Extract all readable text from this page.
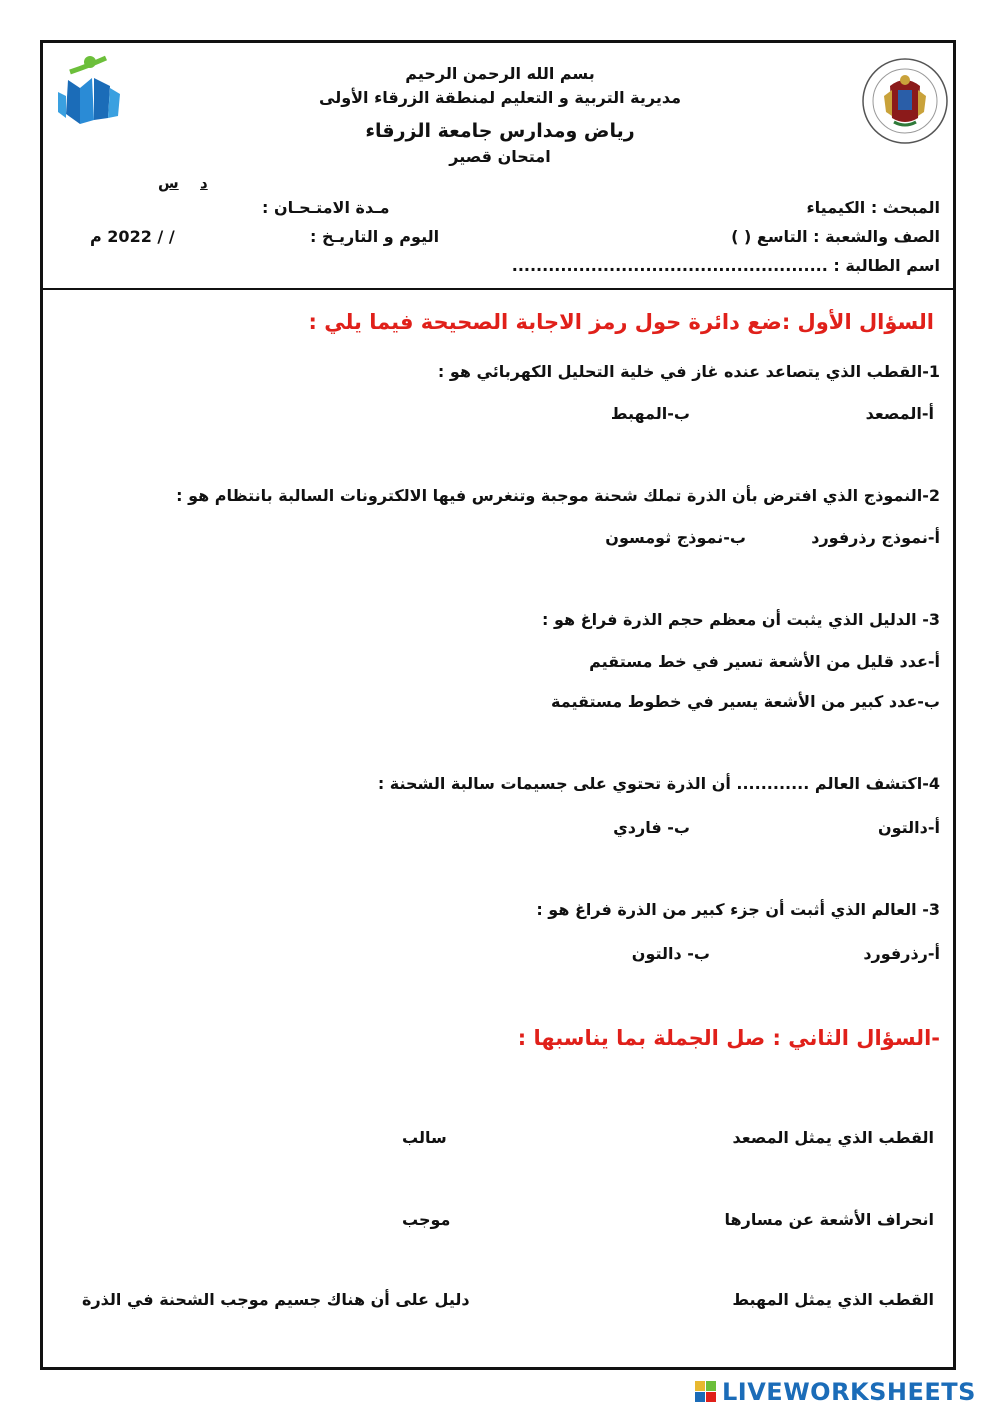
بسم الله الرحمن الرحيم
مديرية التربية و التعليم لمنطقة الزرقاء الأولى
رياض ومدارس جامعة الزرقاء
امتحان قصير
د
س
المبحث : الكيمياء
مـدة الامتـحـان :
الصف والشعبة : التاسع ( )
اليوم و التاريـخ :
/ / 2022 م
اسم الطالبة : ....................................................
السؤال الأول :ضع دائرة حول رمز الاجابة الصحيحة فيما يلي :
1-القطب الذي يتصاعد عنده غاز في خلية التحليل الكهربائي هو :
أ-المصعد
ب-المهبط
2-النموذج الذي افترض بأن الذرة تملك شحنة موجبة وتنغرس فيها الالكترونات السالبة بانتظام هو :
أ-نموذج رذرفورد
ب-نموذج ثومسون
3- الدليل الذي يثبت أن معظم حجم الذرة فراغ هو :
أ-عدد قليل من الأشعة تسير في خط مستقيم
ب-عدد كبير من الأشعة يسير في خطوط مستقيمة
4-اكتشف العالم ............ أن الذرة تحتوي على جسيمات سالبة الشحنة :
أ-دالتون
ب- فاردي
3- العالم الذي أثبت أن جزء كبير من الذرة فراغ هو :
أ-رذرفورد
ب- دالتون
-السؤال الثاني : صل الجملة بما يناسبها :
القطب الذي يمثل المصعد
سالب
انحراف الأشعة عن مسارها
موجب
القطب الذي يمثل المهبط
دليل على أن هناك جسيم موجب الشحنة في الذرة
LIVEWORKSHEETS
